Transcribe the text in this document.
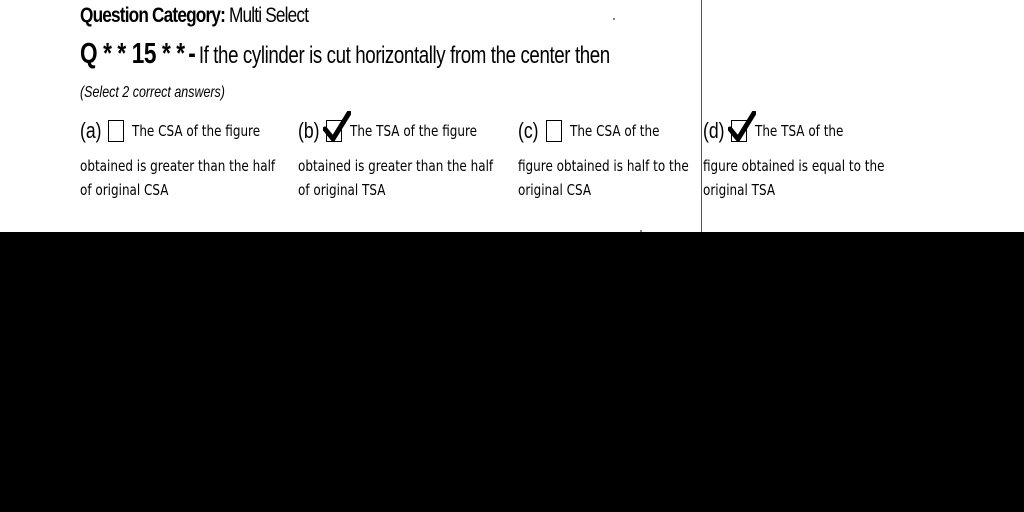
Question Category: Multi Select
Q * * 15 * * - If the cylinder is cut horizontally from the center then
(Select 2 correct answers)
(a) The CSA of the figure
obtained is greater than the half of original CSA
(b) The TSA of the figure
obtained is greater than the half of original TSA
(c) The CSA of the
figure obtained is half to the original CSA
(d) The TSA of the
figure obtained is equal to the original TSA
